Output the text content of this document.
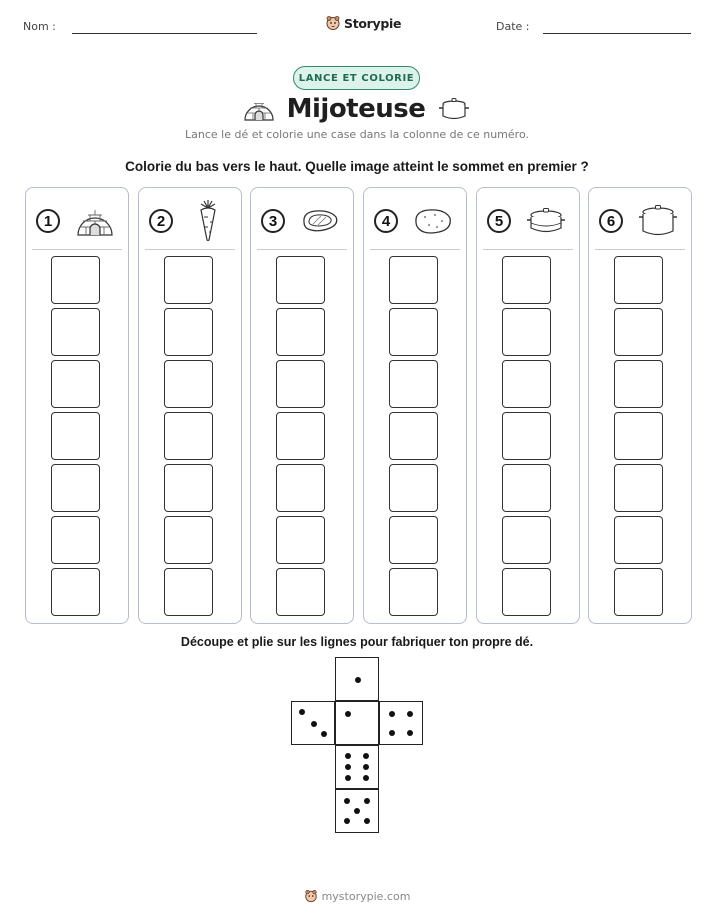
Nom :	Storypie	Date :
LANCE ET COLORIE
Mijoteuse
Lance le dé et colorie une case dans la colonne de ce numéro.
Colorie du bas vers le haut. Quelle image atteint le sommet en premier ?
1	2	3	4	5	6
Découpe et plie sur les lignes pour fabriquer ton propre dé.
mystorypie.com
